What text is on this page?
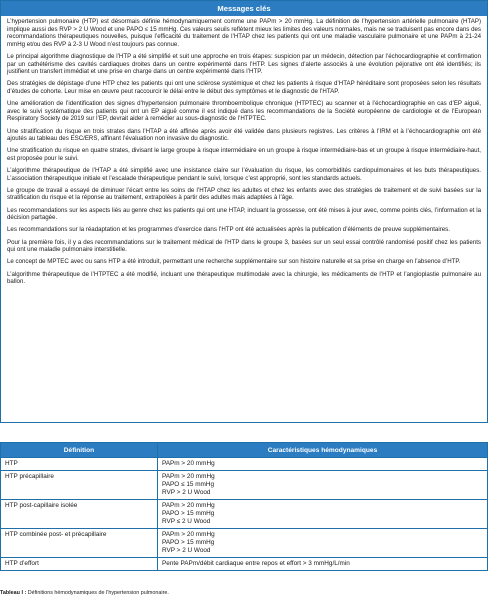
Messages clés

L’hypertension pulmonaire (HTP) est désormais définie hémodynamiquement comme une PAPm > 20 mmHg. La définition de l’hypertension artérielle pulmonaire (HTAP) implique aussi des RVP > 2 U Wood et une PAPO ≤ 15 mmHg. Ces valeurs seuils reflètent mieux les limites des valeurs normales, mais ne se traduisent pas encore dans des recommandations thérapeutiques nouvelles, puisque l’efficacité du traitement de l’HTAP chez les patients qui ont une maladie vasculaire pulmonaire et une PAPm à 21-24 mmHg et/ou des RVP à 2-3 U Wood n’est toujours pas connue.

Le principal algorithme diagnostique de l’HTP a été simplifié et suit une approche en trois étapes: suspicion par un médecin, détection par l’échocardiographie et confirmation par un cathétérisme des cavités cardiaques droites dans un centre expérimenté dans l’HTP. Les signes d’alerte associés à une évolution péjorative ont été identifiés; ils justifient un transfert immédiat et une prise en charge dans un centre expérimenté dans l’HTP.

Des stratégies de dépistage d’une HTP chez les patients qui ont une sclérose systémique et chez les patients à risque d’HTAP héréditaire sont proposées selon les résultats d’études de cohorte. Leur mise en œuvre peut raccourcir le délai entre le début des symptômes et le diagnostic de l’HTAP.

Une amélioration de l’identification des signes d’hypertension pulmonaire thromboembolique chronique (HTPTEC) au scanner et à l’échocardiographie en cas d’EP aiguë, avec le suivi systématique des patients qui ont un EP aiguë comme il est indiqué dans les recommandations de la Société européenne de cardiologie et de l’European Respiratory Society de 2019 sur l’EP, devrait aider à remédier au sous-diagnostic de l’HTPTEC.

Une stratification du risque en trois strates dans l’HTAP a été affinée après avoir été validée dans plusieurs registres. Les critères à l’IRM et à l’échocardiographie ont été ajoutés au tableau des ESC/ERS, affinant l’évaluation non invasive du diagnostic.

Une stratification du risque en quatre strates, divisant le large groupe à risque intermédiaire en un groupe à risque intermédiaire-bas et un groupe à risque intermédiaire-haut, est proposée pour le suivi.

L’algorithme thérapeutique de l’HTAP a été simplifié avec une insistance claire sur l’évaluation du risque, les comorbidités cardiopulmonaires et les buts thérapeutiques. L’association thérapeutique initiale et l’escalade thérapeutique pendant le suivi, lorsque c’est approprié, sont les standards actuels.

Le groupe de travail a essayé de diminuer l’écart entre les soins de l’HTAP chez les adultes et chez les enfants avec des stratégies de traitement et de suivi basées sur la stratification du risque et la réponse au traitement, extrapolées à partir des adultes mais adaptées à l’âge.

Les recommandations sur les aspects liés au genre chez les patients qui ont une HTAP, incluant la grossesse, ont été mises à jour avec, comme points clés, l’information et la décision partagée.

Les recommandations sur la réadaptation et les programmes d’exercice dans l’HTP ont été actualisées après la publication d’éléments de preuve supplémentaires.

Pour la première fois, il y a des recommandations sur le traitement médical de l’HTP dans le groupe 3, basées sur un seul essai contrôlé randomisé positif chez les patients qui ont une maladie pulmonaire interstitielle.

Le concept de MPTEC avec ou sans HTP a été introduit, permettant une recherche supplémentaire sur son histoire naturelle et sa prise en charge en l’absence d’HTP.

L’algorithme thérapeutique de l’HTPTEC a été modifié, incluant une thérapeutique multimodale avec la chirurgie, les médicaments de l’HTP et l’angioplastie pulmonaire au ballon.

Définition	Caractéristiques hémodynamiques
HTP	PAPm > 20 mmHg

HTP précapillaire	PAPm > 20 mmHg
PAPO ≤ 15 mmHg
RVP > 2 U Wood

HTP post-capillaire isolée	PAPm > 20 mmHg
PAPO > 15 mmHg
RVP ≤ 2 U Wood

HTP combinée post- et précapillaire	PAPm > 20 mmHg
PAPO > 15 mmHg
RVP > 2 U Wood

HTP d’effort	Pente PAPm/débit cardiaque entre repos et effort > 3 mmHg/L/min
Tableau I : Définitions hémodynamiques de l’hypertension pulmonaire.
